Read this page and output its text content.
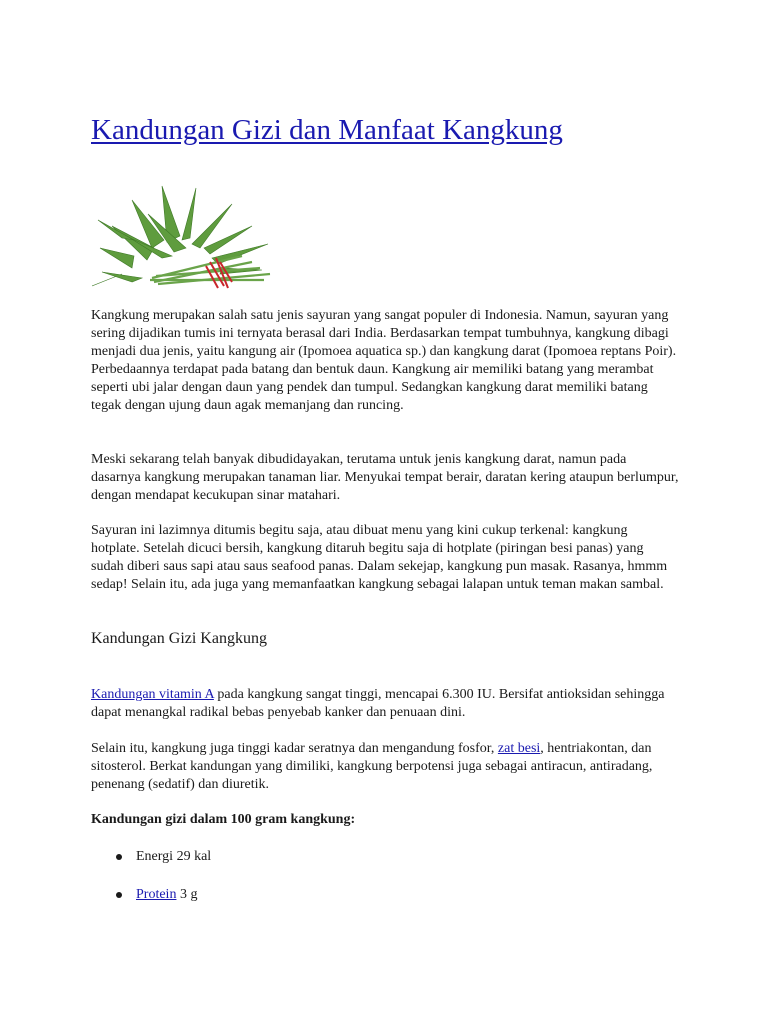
Kandungan Gizi dan Manfaat Kangkung

Kangkung merupakan salah satu jenis sayuran yang sangat populer di Indonesia. Namun, sayuran yang sering dijadikan tumis ini ternyata berasal dari India. Berdasarkan tempat tumbuhnya, kangkung dibagi menjadi dua jenis, yaitu kangung air (Ipomoea aquatica sp.) dan kangkung darat (Ipomoea reptans Poir). Perbedaannya terdapat pada batang dan bentuk daun. Kangkung air memiliki batang yang merambat seperti ubi jalar dengan daun yang pendek dan tumpul. Sedangkan kangkung darat memiliki batang tegak dengan ujung daun agak memanjang dan runcing.

Meski sekarang telah banyak dibudidayakan, terutama untuk jenis kangkung darat, namun pada dasarnya kangkung merupakan tanaman liar. Menyukai tempat berair, daratan kering ataupun berlumpur, dengan mendapat kecukupan sinar matahari.

Sayuran ini lazimnya ditumis begitu saja, atau dibuat menu yang kini cukup terkenal: kangkung hotplate. Setelah dicuci bersih, kangkung ditaruh begitu saja di hotplate (piringan besi panas) yang sudah diberi saus sapi atau saus seafood panas. Dalam sekejap, kangkung pun masak. Rasanya, hmmm sedap! Selain itu, ada juga yang memanfaatkan kangkung sebagai lalapan untuk teman makan sambal.

Kandungan Gizi Kangkung

Kandungan vitamin A pada kangkung sangat tinggi, mencapai 6.300 IU. Bersifat antioksidan sehingga dapat menangkal radikal bebas penyebab kanker dan penuaan dini.

Selain itu, kangkung juga tinggi kadar seratnya dan mengandung fosfor, zat besi, hentriakontan, dan sitosterol. Berkat kandungan yang dimiliki, kangkung berpotensi juga sebagai antiracun, antiradang, penenang (sedatif) dan diuretik.

Kandungan gizi dalam 100 gram kangkung:

Energi 29 kal
Protein 3 g
